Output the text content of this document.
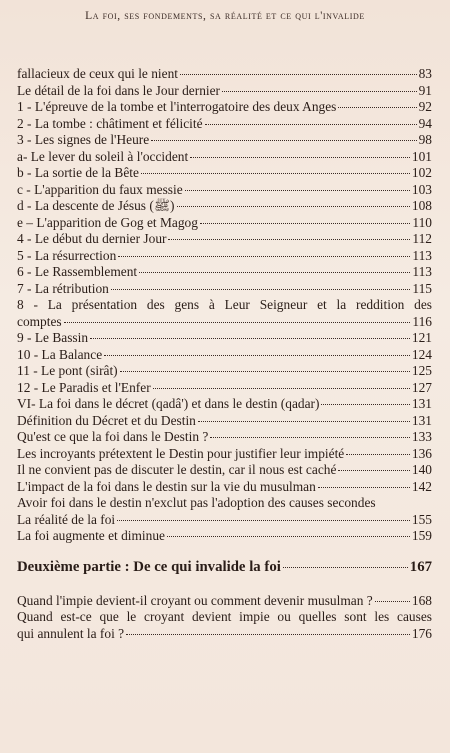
La foi, ses fondements, sa réalité et ce qui l'invalide
fallacieux de ceux qui le nient	83
Le détail de la foi dans le Jour dernier	91
1 - L'épreuve de la tombe et l'interrogatoire des deux Anges	92
2 - La tombe : châtiment et félicité	94
3 - Les signes de l'Heure	98
a- Le lever du soleil à l'occident	101
b - La sortie de la Bête	102
c - L'apparition du faux messie	103
d - La descente de Jésus (ﷺ)	108
e – L'apparition de Gog et Magog	110
4 - Le début du dernier Jour	112
5 - La résurrection	113
6 - Le Rassemblement	113
7 - La rétribution	115
8 - La présentation des gens à Leur Seigneur et la reddition des
comptes	116
9 - Le Bassin	121
10 - La Balance	124
11 - Le pont (sirât)	125
12 - Le Paradis et l'Enfer	127
VI- La foi dans le décret (qadâ') et dans le destin (qadar)	131
Définition du Décret et du Destin	131
Qu'est ce que la foi dans le Destin ?	133
Les incroyants prétextent le Destin pour justifier leur impiété	136
Il ne convient pas de discuter le destin, car il nous est caché	140
L'impact de la foi dans le destin sur la vie du musulman	142
Avoir foi dans le destin n'exclut pas l'adoption des causes secondes
La réalité de la foi	155
La foi augmente et diminue	159
Deuxième partie : De ce qui invalide la foi	167
Quand l'impie devient-il croyant ou comment devenir musulman ?	168
Quand est-ce que le croyant devient impie ou quelles sont les causes
qui annulent la foi ?	176
